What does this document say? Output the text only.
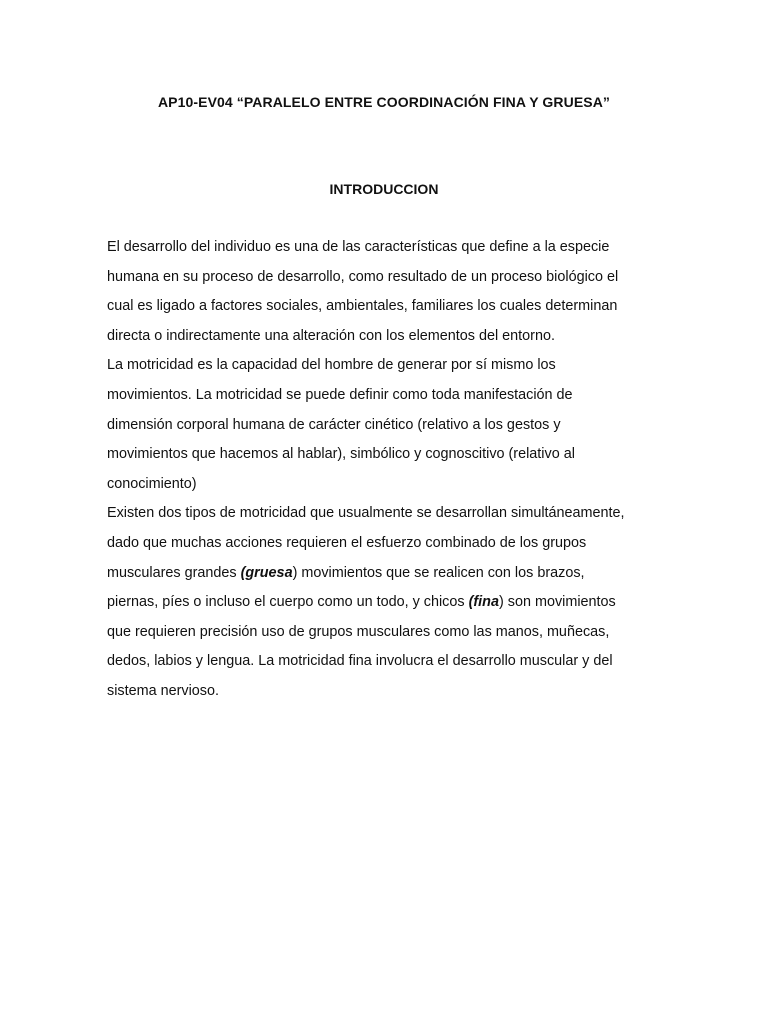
AP10-EV04 “PARALELO ENTRE COORDINACIÓN FINA Y GRUESA”
INTRODUCCION

El desarrollo del individuo es una de las características que define a la especie
humana en su proceso de desarrollo, como resultado de un proceso biológico el
cual es ligado a factores sociales, ambientales, familiares los cuales determinan
directa o indirectamente una alteración con los elementos del entorno.

La motricidad es la capacidad del hombre de generar por sí mismo los
movimientos. La motricidad se puede definir como toda manifestación de
dimensión corporal humana de carácter cinético (relativo a los gestos y
movimientos que hacemos al hablar), simbólico y cognoscitivo (relativo al
conocimiento)

Existen dos tipos de motricidad que usualmente se desarrollan simultáneamente,
dado que muchas acciones requieren el esfuerzo combinado de los grupos
musculares grandes (gruesa) movimientos que se realicen con los brazos,
piernas, píes o incluso el cuerpo como un todo, y chicos (fina) son movimientos
que requieren precisión uso de grupos musculares como las manos, muñecas,
dedos, labios y lengua. La motricidad fina involucra el desarrollo muscular y del
sistema nervioso.
